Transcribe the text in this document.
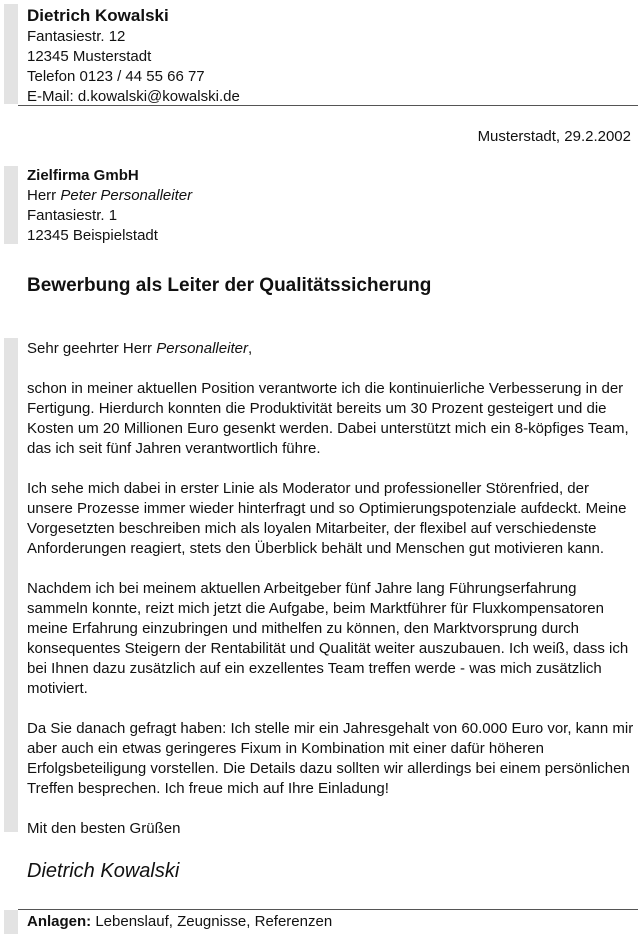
Dietrich Kowalski
Fantasiestr. 12
12345 Musterstadt
Telefon 0123 / 44 55 66 77
E-Mail: d.kowalski@kowalski.de
Musterstadt, 29.2.2002
Zielfirma GmbH
Herr Peter Personalleiter
Fantasiestr. 1
12345 Beispielstadt
Bewerbung als Leiter der Qualitätssicherung
Sehr geehrter Herr Personalleiter,
schon in meiner aktuellen Position verantworte ich die kontinuierliche Verbesserung in der
Fertigung. Hierdurch konnten die Produktivität bereits um 30 Prozent gesteigert und die
Kosten um 20 Millionen Euro gesenkt werden. Dabei unterstützt mich ein 8-köpfiges Team,
das ich seit fünf Jahren verantwortlich führe.
Ich sehe mich dabei in erster Linie als Moderator und professioneller Störenfried, der
unsere Prozesse immer wieder hinterfragt und so Optimierungspotenziale aufdeckt. Meine
Vorgesetzten beschreiben mich als loyalen Mitarbeiter, der flexibel auf verschiedenste
Anforderungen reagiert, stets den Überblick behält und Menschen gut motivieren kann.
Nachdem ich bei meinem aktuellen Arbeitgeber fünf Jahre lang Führungserfahrung
sammeln konnte, reizt mich jetzt die Aufgabe, beim Marktführer für Fluxkompensatoren
meine Erfahrung einzubringen und mithelfen zu können, den Marktvorsprung durch
konsequentes Steigern der Rentabilität und Qualität weiter auszubauen. Ich weiß, dass ich
bei Ihnen dazu zusätzlich auf ein exzellentes Team treffen werde - was mich zusätzlich
motiviert.
Da Sie danach gefragt haben: Ich stelle mir ein Jahresgehalt von 60.000 Euro vor, kann mir
aber auch ein etwas geringeres Fixum in Kombination mit einer dafür höheren
Erfolgsbeteiligung vorstellen. Die Details dazu sollten wir allerdings bei einem persönlichen
Treffen besprechen. Ich freue mich auf Ihre Einladung!
Mit den besten Grüßen
Dietrich Kowalski
Anlagen: Lebenslauf, Zeugnisse, Referenzen
